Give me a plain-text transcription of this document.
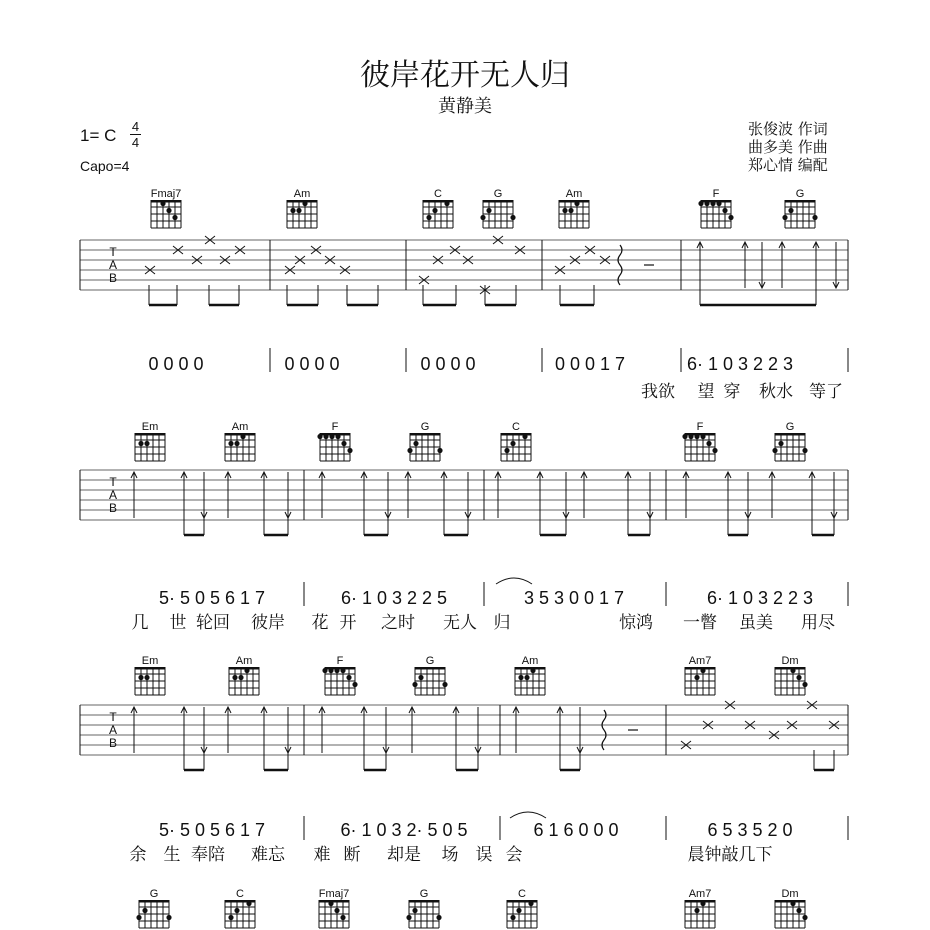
彼岸花开无人归
黄静美
1= C 4
4
Capo=4
张俊波 作词
曲多美 作曲
郑心情 编配
Fmaj7	Am	C	G	Am	F	G
T
A
B
0 0 0 0	0 0 0 0	0 0 0 0	0 0 0 1 7	6· 1 0 3 2 2 3
我欲 望 穿 秋水 等了
Em	Am	F	G	C	F	G
T
A
B
5· 5 0 5 6 1 7	6· 1 0 3 2 2 5	3 5 3 0 0 1 7	6· 1 0 3 2 2 3
几 世 轮回 彼岸 花 开 之时 无人 归	惊鸿 一瞥 虽美 用尽
Em	Am	F	G	Am	Am7	Dm
T
A
B
5· 5 0 5 6 1 7	6· 1 0 3 2· 5 0 5	6 1 6 0 0 0	6 5 3 5 2 0
余 生 奉陪 难忘 难 断 却是 场 误 会	晨钟敲几下
G	C	Fmaj7	G	C	Am7	Dm
